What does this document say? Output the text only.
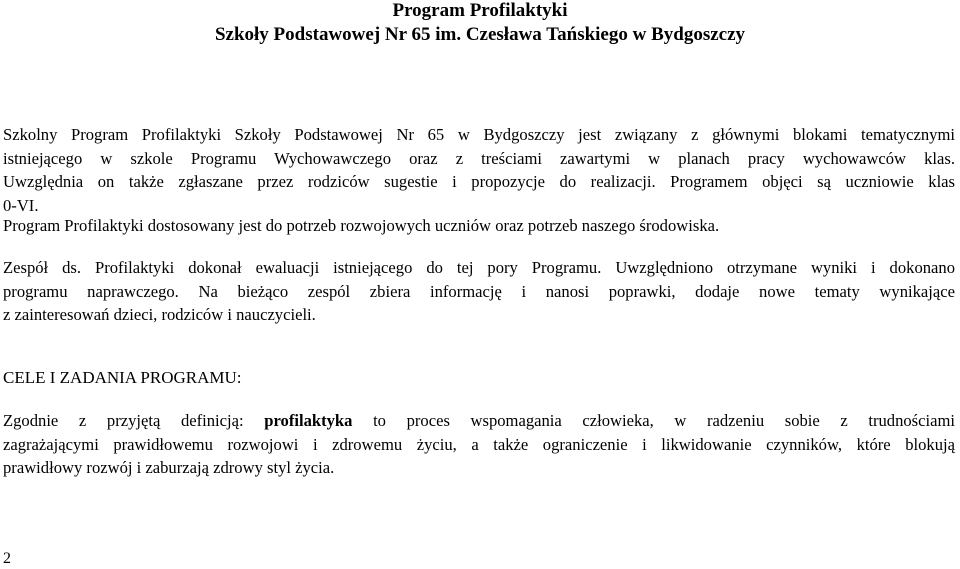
Program Profilaktyki
Szkoły Podstawowej Nr 65 im. Czesława Tańskiego w Bydgoszczy
Szkolny Program Profilaktyki Szkoły Podstawowej Nr 65 w Bydgoszczy jest związany z głównymi blokami tematycznymi
istniejącego w szkole Programu Wychowawczego oraz z treściami zawartymi w planach pracy wychowawców klas.
Uwzględnia on także zgłaszane przez rodziców sugestie i propozycje do realizacji. Programem objęci są uczniowie klas
0-VI.
Program Profilaktyki dostosowany jest do potrzeb rozwojowych uczniów oraz potrzeb naszego środowiska.
Zespół ds. Profilaktyki dokonał ewaluacji istniejącego do tej pory Programu. Uwzględniono otrzymane wyniki i dokonano
programu naprawczego. Na bieżąco zespól zbiera informację i nanosi poprawki, dodaje nowe tematy wynikające
z zainteresowań dzieci, rodziców i nauczycieli.
CELE I ZADANIA PROGRAMU:
Zgodnie z przyjętą definicją: profilaktyka to proces wspomagania człowieka, w radzeniu sobie z trudnościami
zagrażającymi prawidłowemu rozwojowi i zdrowemu życiu, a także ograniczenie i likwidowanie czynników, które blokują
prawidłowy rozwój i zaburzają zdrowy styl życia.
2
